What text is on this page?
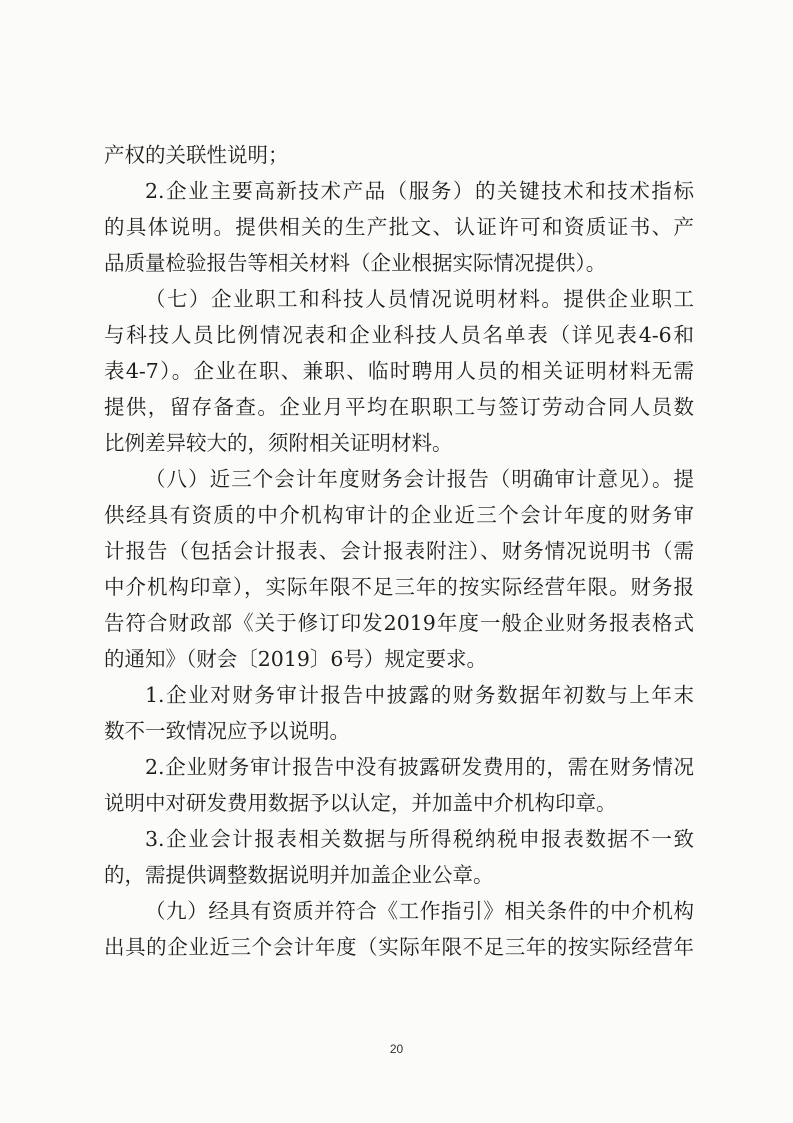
产权的关联性说明；
2.企业主要高新技术产品（服务）的关键技术和技术指标
的具体说明。提供相关的生产批文、认证许可和资质证书、产
品质量检验报告等相关材料（企业根据实际情况提供）。
（七）企业职工和科技人员情况说明材料。提供企业职工
与科技人员比例情况表和企业科技人员名单表（详见表4-6和
表4-7）。企业在职、兼职、临时聘用人员的相关证明材料无需
提供，留存备查。企业月平均在职职工与签订劳动合同人员数
比例差异较大的，须附相关证明材料。
（八）近三个会计年度财务会计报告（明确审计意见）。提
供经具有资质的中介机构审计的企业近三个会计年度的财务审
计报告（包括会计报表、会计报表附注）、财务情况说明书（需
中介机构印章），实际年限不足三年的按实际经营年限。财务报
告符合财政部《关于修订印发2019年度一般企业财务报表格式
的通知》（财会〔2019〕6号）规定要求。
1.企业对财务审计报告中披露的财务数据年初数与上年末
数不一致情况应予以说明。
2.企业财务审计报告中没有披露研发费用的，需在财务情况
说明中对研发费用数据予以认定，并加盖中介机构印章。
3.企业会计报表相关数据与所得税纳税申报表数据不一致
的，需提供调整数据说明并加盖企业公章。
（九）经具有资质并符合《工作指引》相关条件的中介机构
出具的企业近三个会计年度（实际年限不足三年的按实际经营年
20
